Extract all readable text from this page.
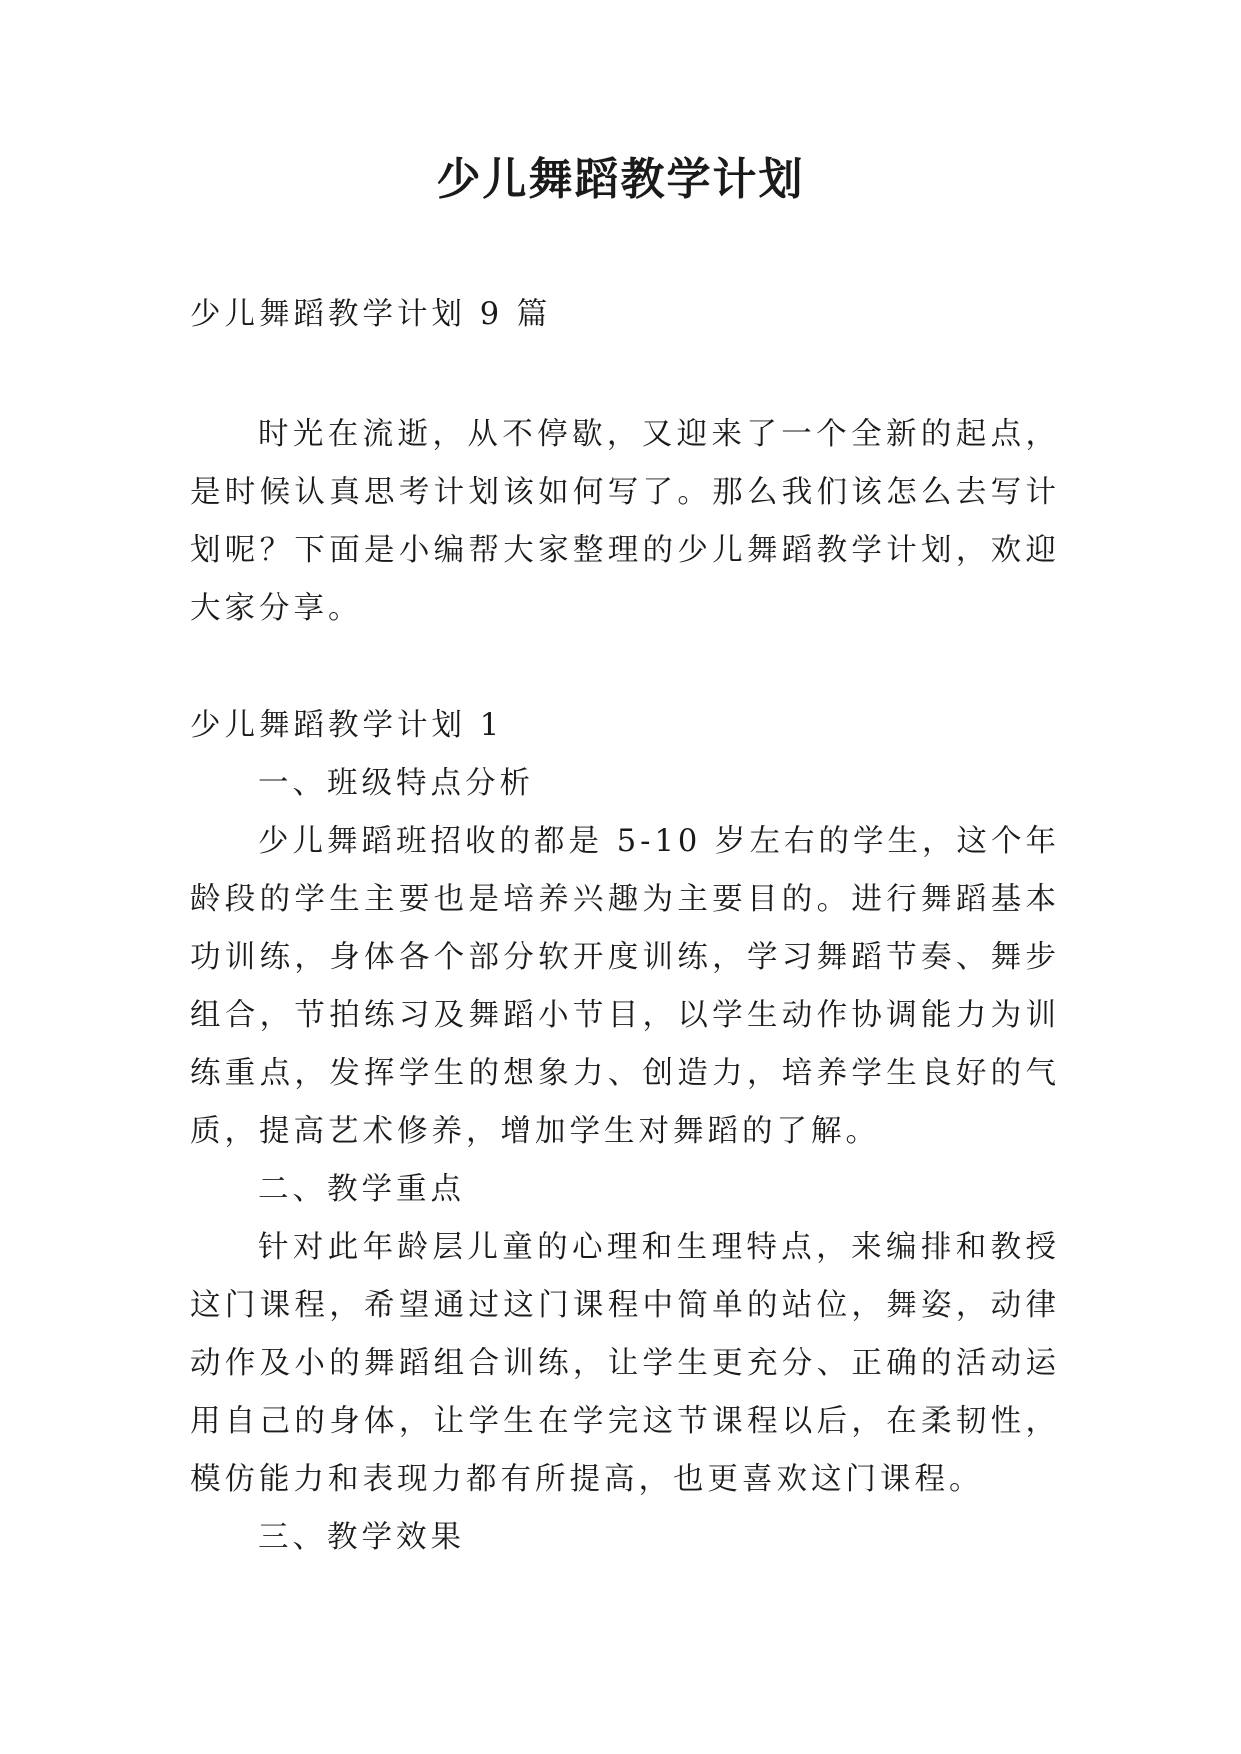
少儿舞蹈教学计划

少儿舞蹈教学计划 9 篇

时光在流逝，从不停歇，又迎来了一个全新的起点，是时候认真思考计划该如何写了。那么我们该怎么去写计划呢？下面是小编帮大家整理的少儿舞蹈教学计划，欢迎大家分享。

少儿舞蹈教学计划 1

一、班级特点分析

少儿舞蹈班招收的都是 5-10 岁左右的学生，这个年龄段的学生主要也是培养兴趣为主要目的。进行舞蹈基本功训练，身体各个部分软开度训练，学习舞蹈节奏、舞步组合，节拍练习及舞蹈小节目，以学生动作协调能力为训练重点，发挥学生的想象力、创造力，培养学生良好的气质，提高艺术修养，增加学生对舞蹈的了解。

二、教学重点

针对此年龄层儿童的心理和生理特点，来编排和教授这门课程，希望通过这门课程中简单的站位，舞姿，动律动作及小的舞蹈组合训练，让学生更充分、正确的活动运用自己的身体，让学生在学完这节课程以后，在柔韧性，模仿能力和表现力都有所提高，也更喜欢这门课程。

三、教学效果
